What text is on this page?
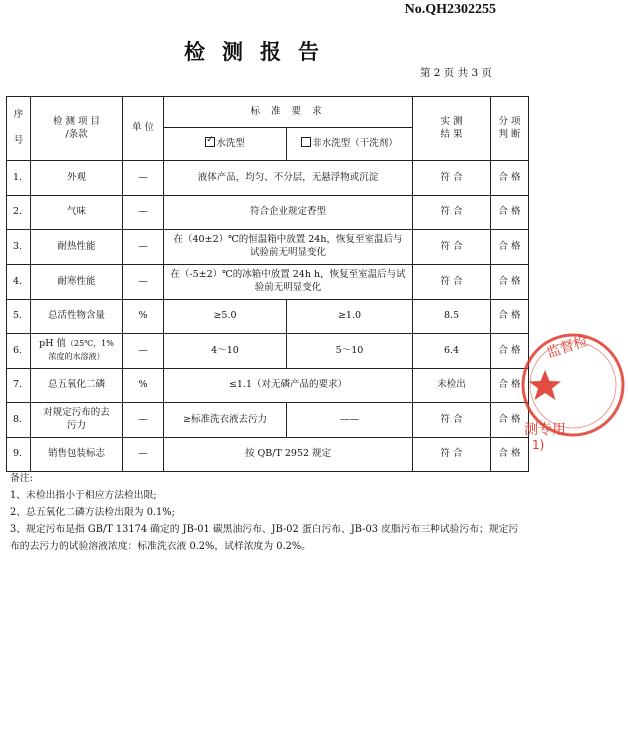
No.QH2302255
检测报告
第 2 页 共 3 页
序

号	检 测 项 目
/条款	单 位	标 准 要 求		实 测
结 果	分 项
判 断
✓水洗型	非水洗型（干洗剂）		
1.	外观	—	液体产品，均匀、不分层，无悬浮物或沉淀		符 合	合 格
2.	气味	—	符合企业规定香型		符 合	合 格
3.	耐热性能	—	在（40±2）℃的恒温箱中放置 24h，恢复至室温后与
试验前无明显变化		符 合	合 格
4.	耐寒性能	—	在（-5±2）℃的冰箱中放置 24h h，恢复至室温后与试
验前无明显变化		符 合	合 格
5.	总活性物含量	%	≥5.0	≥1.0	8.5	合 格
6.	pH 值（25℃，1%
浓度的水溶液）	—	4～10	5～10	6.4	合 格
7.	总五氧化二磷	%	≤1.1（对无磷产品的要求）		未检出	合 格
8.	对规定污布的去
污力	—	≥标准洗衣液去污力	——	符 合	合 格
9.	销售包装标志	—	按 QB/T 2952 规定		符 合	合 格

备注:

1、未检出指小于相应方法检出限;

2、总五氧化二磷方法检出限为 0.1%;

3、规定污布是指 GB/T 13174 确定的 JB-01 碳黑油污布、JB-02 蛋白污布、JB-03 皮脂污布三种试验污布；规定污布的去污力的试验溶液浓度：标准洗衣液 0.2%，试样浓度为 0.2%。

监督检
测专用
1)
